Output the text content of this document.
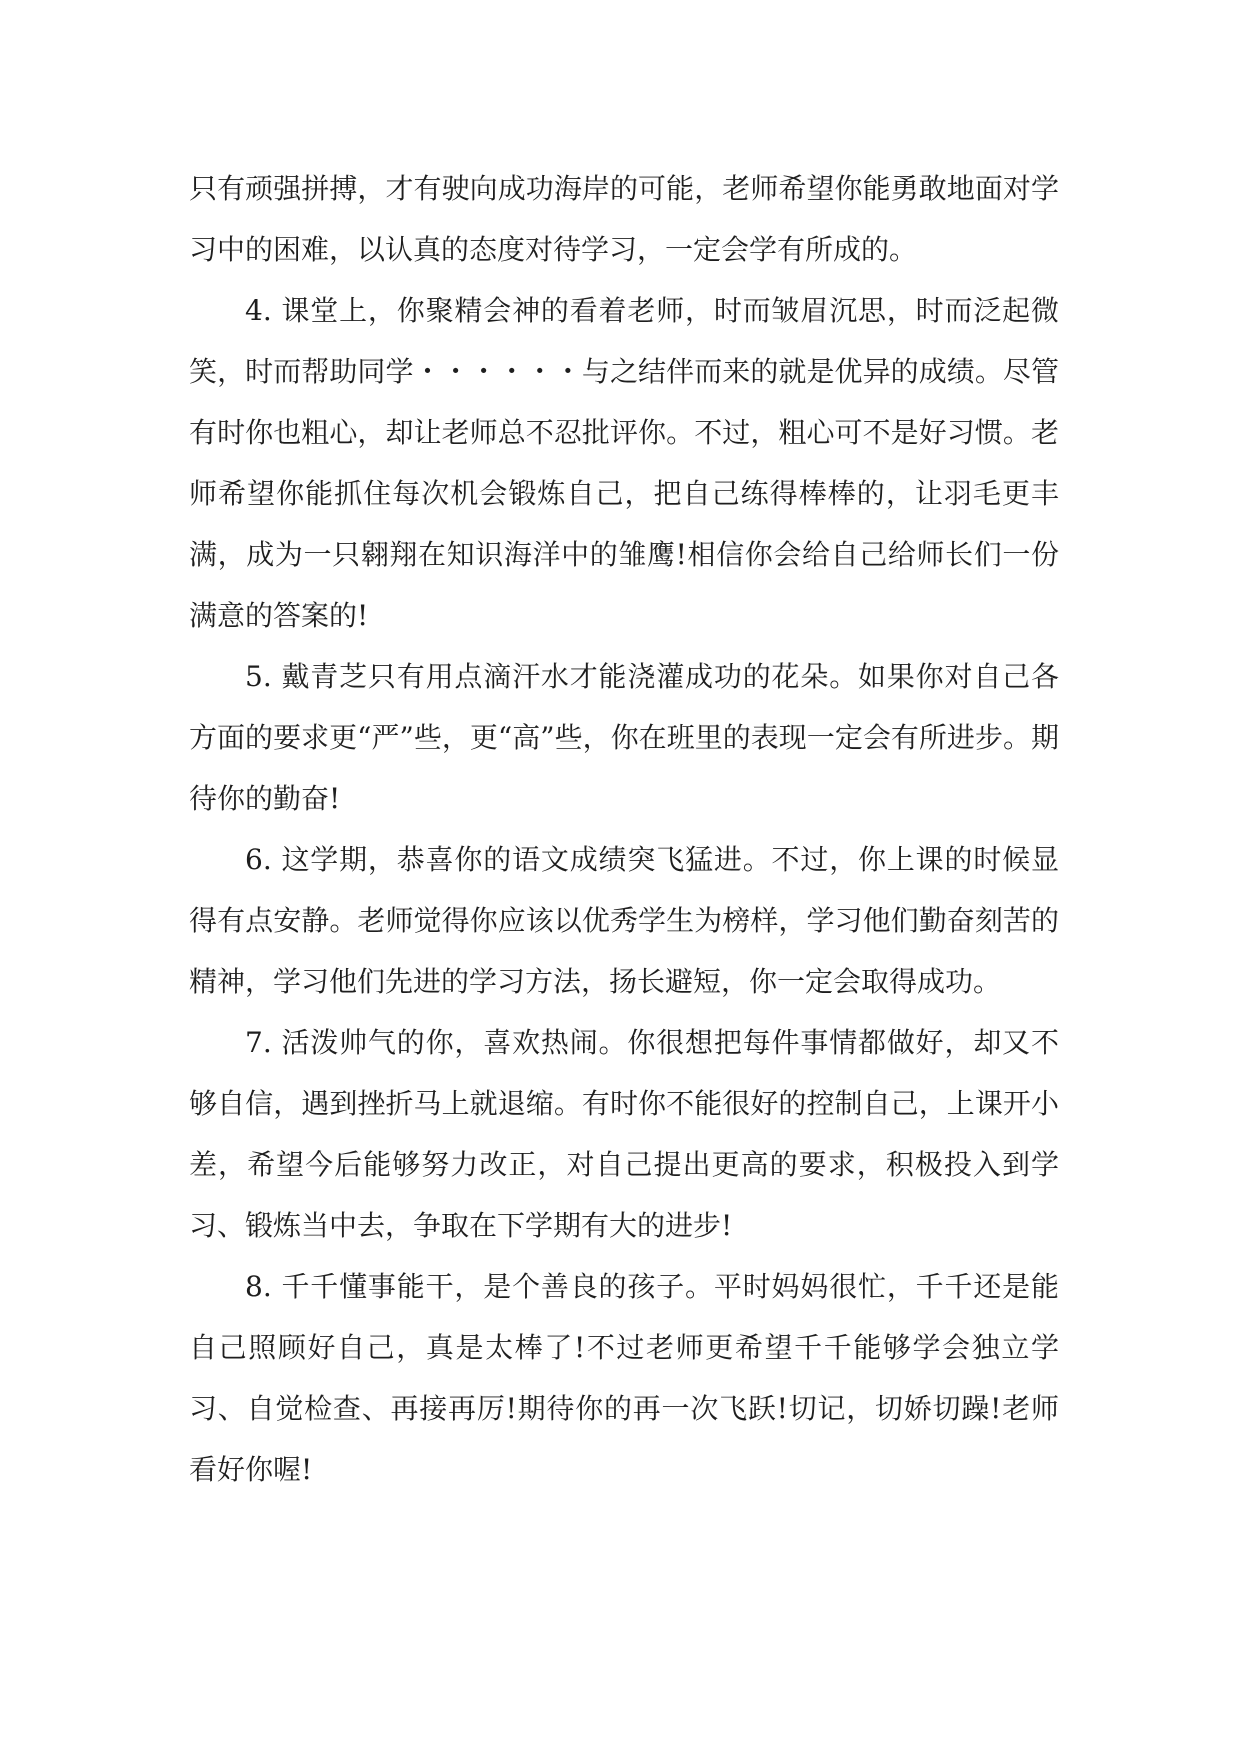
只有顽强拼搏，才有驶向成功海岸的可能，老师希望你能勇敢地面对学习中的困难，以认真的态度对待学习，一定会学有所成的。

4. 课堂上，你聚精会神的看着老师，时而皱眉沉思，时而泛起微笑，时而帮助同学・・・・・・与之结伴而来的就是优异的成绩。尽管有时你也粗心，却让老师总不忍批评你。不过，粗心可不是好习惯。老师希望你能抓住每次机会锻炼自己，把自己练得棒棒的，让羽毛更丰满，成为一只翱翔在知识海洋中的雏鹰!相信你会给自己给师长们一份满意的答案的!

5. 戴青芝只有用点滴汗水才能浇灌成功的花朵。如果你对自己各方面的要求更“严”些，更“高”些，你在班里的表现一定会有所进步。期待你的勤奋!

6. 这学期，恭喜你的语文成绩突飞猛进。不过，你上课的时候显得有点安静。老师觉得你应该以优秀学生为榜样，学习他们勤奋刻苦的精神，学习他们先进的学习方法，扬长避短，你一定会取得成功。

7. 活泼帅气的你，喜欢热闹。你很想把每件事情都做好，却又不够自信，遇到挫折马上就退缩。有时你不能很好的控制自己，上课开小差，希望今后能够努力改正，对自己提出更高的要求，积极投入到学习、锻炼当中去，争取在下学期有大的进步!

8. 千千懂事能干，是个善良的孩子。平时妈妈很忙，千千还是能自己照顾好自己，真是太棒了!不过老师更希望千千能够学会独立学习、自觉检查、再接再厉!期待你的再一次飞跃!切记，切娇切躁!老师看好你喔!
